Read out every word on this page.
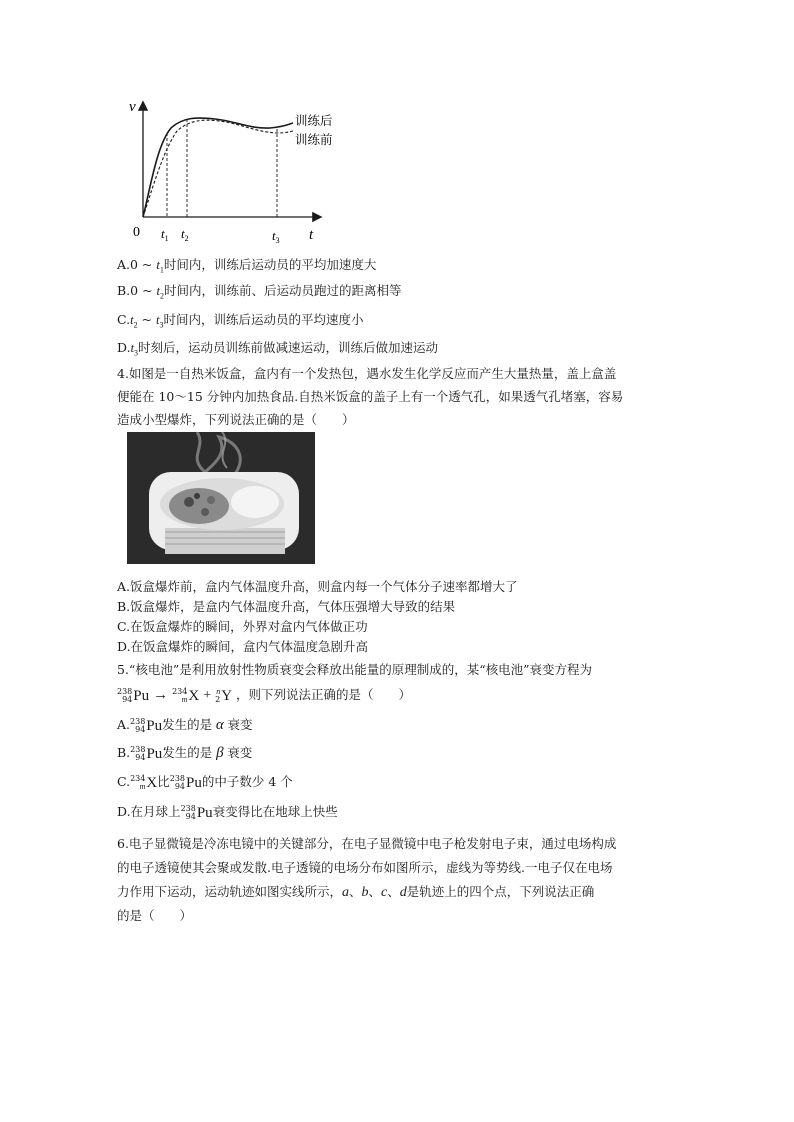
v
0	t
$t_1$ $t_2$	$t_3$
训练后
训练前
A.0 ~ $t_1$时间内，训练后运动员的平均加速度大
B.0 ~ $t_2$时间内，训练前、后运动员跑过的距离相等
$C.t_2$ ~ $t_3$时间内，训练后运动员的平均速度小
$D.t_3$时刻后，运动员训练前做减速运动，训练后做加速运动
4.如图是一自热米饭盒，盒内有一个发热包，遇水发生化学反应而产生大量热量，盖上盒盖
便能在 10～15 分钟内加热食品.自热米饭盒的盖子上有一个透气孔，如果透气孔堵塞，容易
造成小型爆炸，下列说法正确的是（　　）
A.饭盒爆炸前，盒内气体温度升高，则盒内每一个气体分子速率都增大了
B.饭盒爆炸，是盒内气体温度升高，气体压强增大导致的结果
C.在饭盒爆炸的瞬间，外界对盒内气体做正功
D.在饭盒爆炸的瞬间，盒内气体温度急剧升高
5.“核电池”是利用放射性物质衰变会释放出能量的原理制成的，某“核电池”衰变方程为
238
94 Pu → 234
m X + n
2 Y ，则下列说法正确的是（　　）
A. 238
94 Pu发生的是 α 衰变
B. 238
94 Pu发生的是 β 衰变
C. 234
m X比 238
94 Pu的中子数少 4 个
D.在月球上 238
94 Pu衰变得比在地球上快些
6.电子显微镜是冷冻电镜中的关键部分，在电子显微镜中电子枪发射电子束，通过电场构成
的电子透镜使其会聚或发散.电子透镜的电场分布如图所示，虚线为等势线.一电子仅在电场
力作用下运动，运动轨迹如图实线所示，a、b、c、d是轨迹上的四个点，下列说法正确
的是（　　）
